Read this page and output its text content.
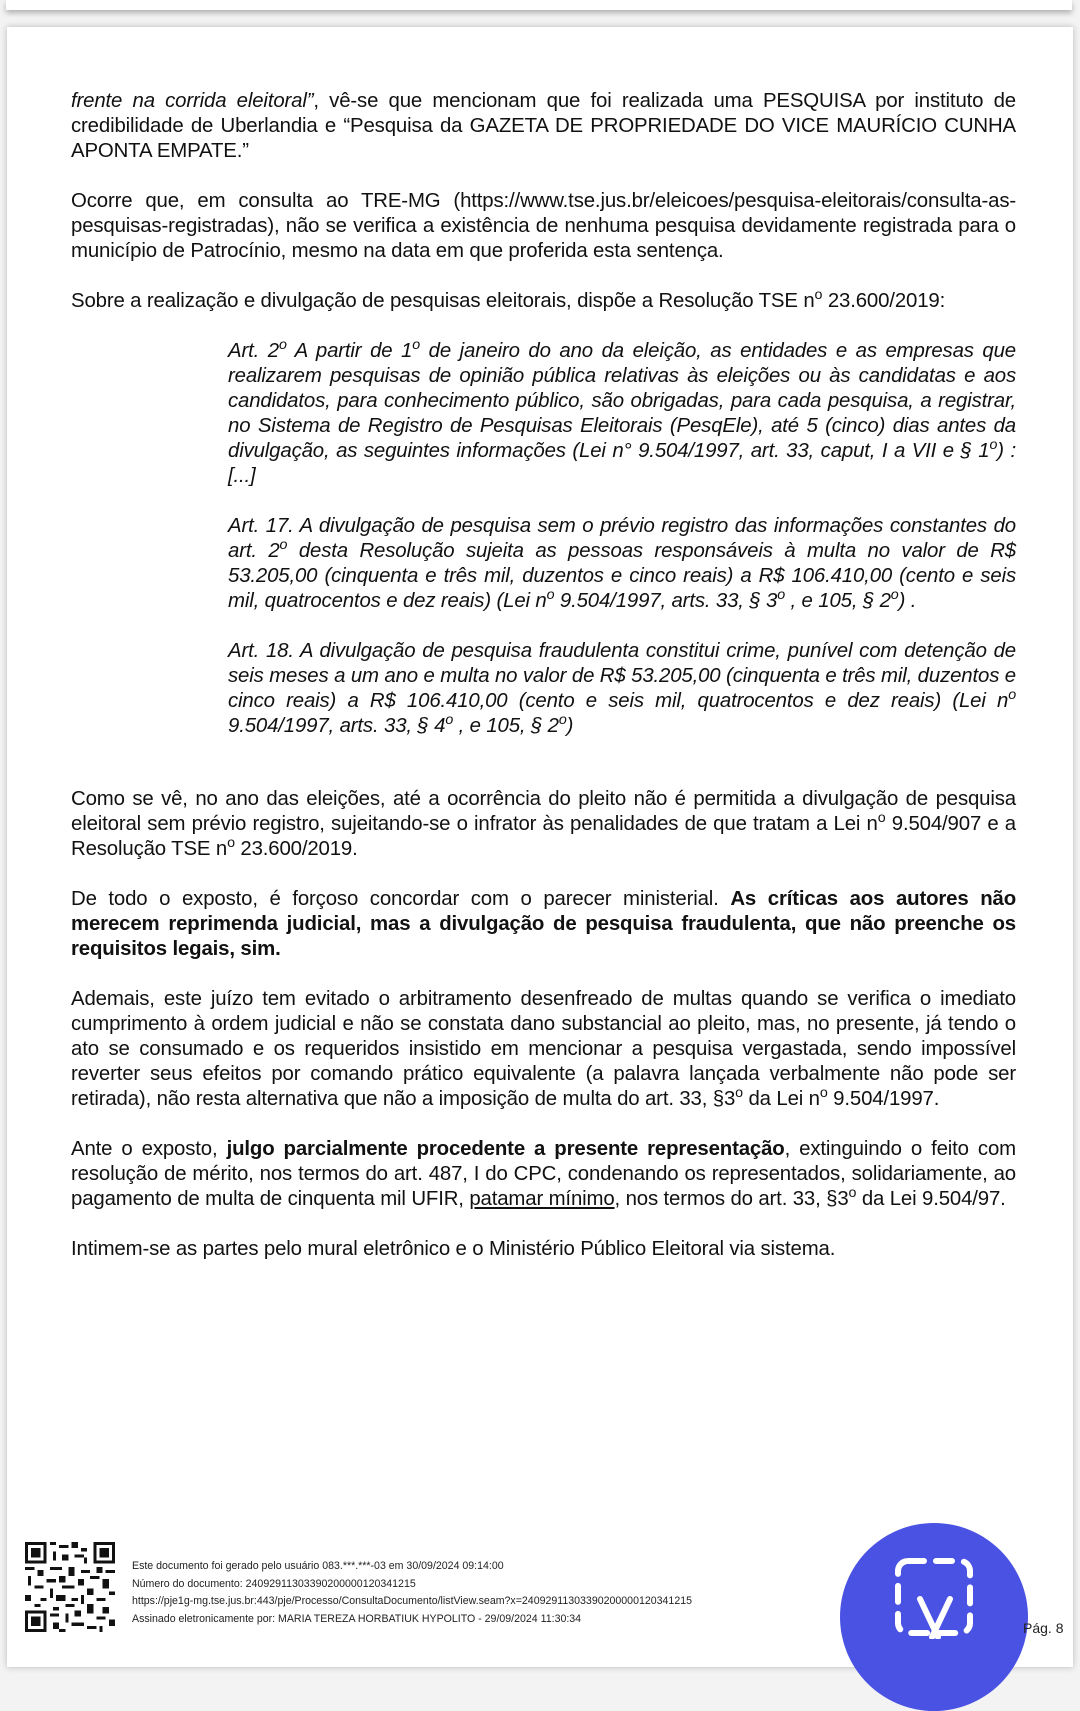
frente na corrida eleitoral”, vê-se que mencionam que foi realizada uma PESQUISA por instituto de credibilidade de Uberlandia e “Pesquisa da GAZETA DE PROPRIEDADE DO VICE MAURÍCIO CUNHA APONTA EMPATE.”

Ocorre que, em consulta ao TRE-MG (https://www.tse.jus.br/eleicoes/pesquisa-eleitorais/consulta-as-pesquisas-registradas), não se verifica a existência de nenhuma pesquisa devidamente registrada para o município de Patrocínio, mesmo na data em que proferida esta sentença.

Sobre a realização e divulgação de pesquisas eleitorais, dispõe a Resolução TSE $n^o$ 23.600/2019:

Art. 2$^o$ A partir de 1$^o$ de janeiro do ano da eleição, as entidades e as empresas que realizarem pesquisas de opinião pública relativas às eleições ou às candidatas e aos candidatos, para conhecimento público, são obrigadas, para cada pesquisa, a registrar, no Sistema de Registro de Pesquisas Eleitorais (PesqEle), até 5 (cinco) dias antes da divulgação, as seguintes informações (Lei n° 9.504/1997, art. 33, caput, I a VII e § 1$^o$) : [...]

Art. 17. A divulgação de pesquisa sem o prévio registro das informações constantes do art. 2$^o$ desta Resolução sujeita as pessoas responsáveis à multa no valor de R$ 53.205,00 (cinquenta e três mil, duzentos e cinco reais) a R$ 106.410,00 (cento e seis mil, quatrocentos e dez reais) (Lei $n^o$ 9.504/1997, arts. 33, § 3$^o$ , e 105, § 2$^o$) .

Art. 18. A divulgação de pesquisa fraudulenta constitui crime, punível com detenção de seis meses a um ano e multa no valor de R$ 53.205,00 (cinquenta e três mil, duzentos e cinco reais) a R$ 106.410,00 (cento e seis mil, quatrocentos e dez reais) (Lei $n^o$ 9.504/1997, arts. 33, § 4$^o$ , e 105, § 2$^o$)

Como se vê, no ano das eleições, até a ocorrência do pleito não é permitida a divulgação de pesquisa eleitoral sem prévio registro, sujeitando-se o infrator às penalidades de que tratam a Lei $n^o$ 9.504/907 e a Resolução TSE $n^o$ 23.600/2019.

De todo o exposto, é forçoso concordar com o parecer ministerial. As críticas aos autores não merecem reprimenda judicial, mas a divulgação de pesquisa fraudulenta, que não preenche os requisitos legais, sim.

Ademais, este juízo tem evitado o arbitramento desenfreado de multas quando se verifica o imediato cumprimento à ordem judicial e não se constata dano substancial ao pleito, mas, no presente, já tendo o ato se consumado e os requeridos insistido em mencionar a pesquisa vergastada, sendo impossível reverter seus efeitos por comando prático equivalente (a palavra lançada verbalmente não pode ser retirada), não resta alternativa que não a imposição de multa do art. 33, §3$^o$ da Lei $n^o$ 9.504/1997.

Ante o exposto, julgo parcialmente procedente a presente representação, extinguindo o feito com resolução de mérito, nos termos do art. 487, I do CPC, condenando os representados, solidariamente, ao pagamento de multa de cinquenta mil UFIR, patamar mínimo, nos termos do art. 33, §3$^o$ da Lei 9.504/97.

Intimem-se as partes pelo mural eletrônico e o Ministério Público Eleitoral via sistema.

Este documento foi gerado pelo usuário 083.***.***-03 em 30/09/2024 09:14:00
Número do documento: 24092911303390200000120341215
https://pje1g-mg.tse.jus.br:443/pje/Processo/ConsultaDocumento/listView.seam?x=24092911303390200000120341215
Assinado eletronicamente por: MARIA TEREZA HORBATIUK HYPOLITO - 29/09/2024 11:30:34
Pág. 8
